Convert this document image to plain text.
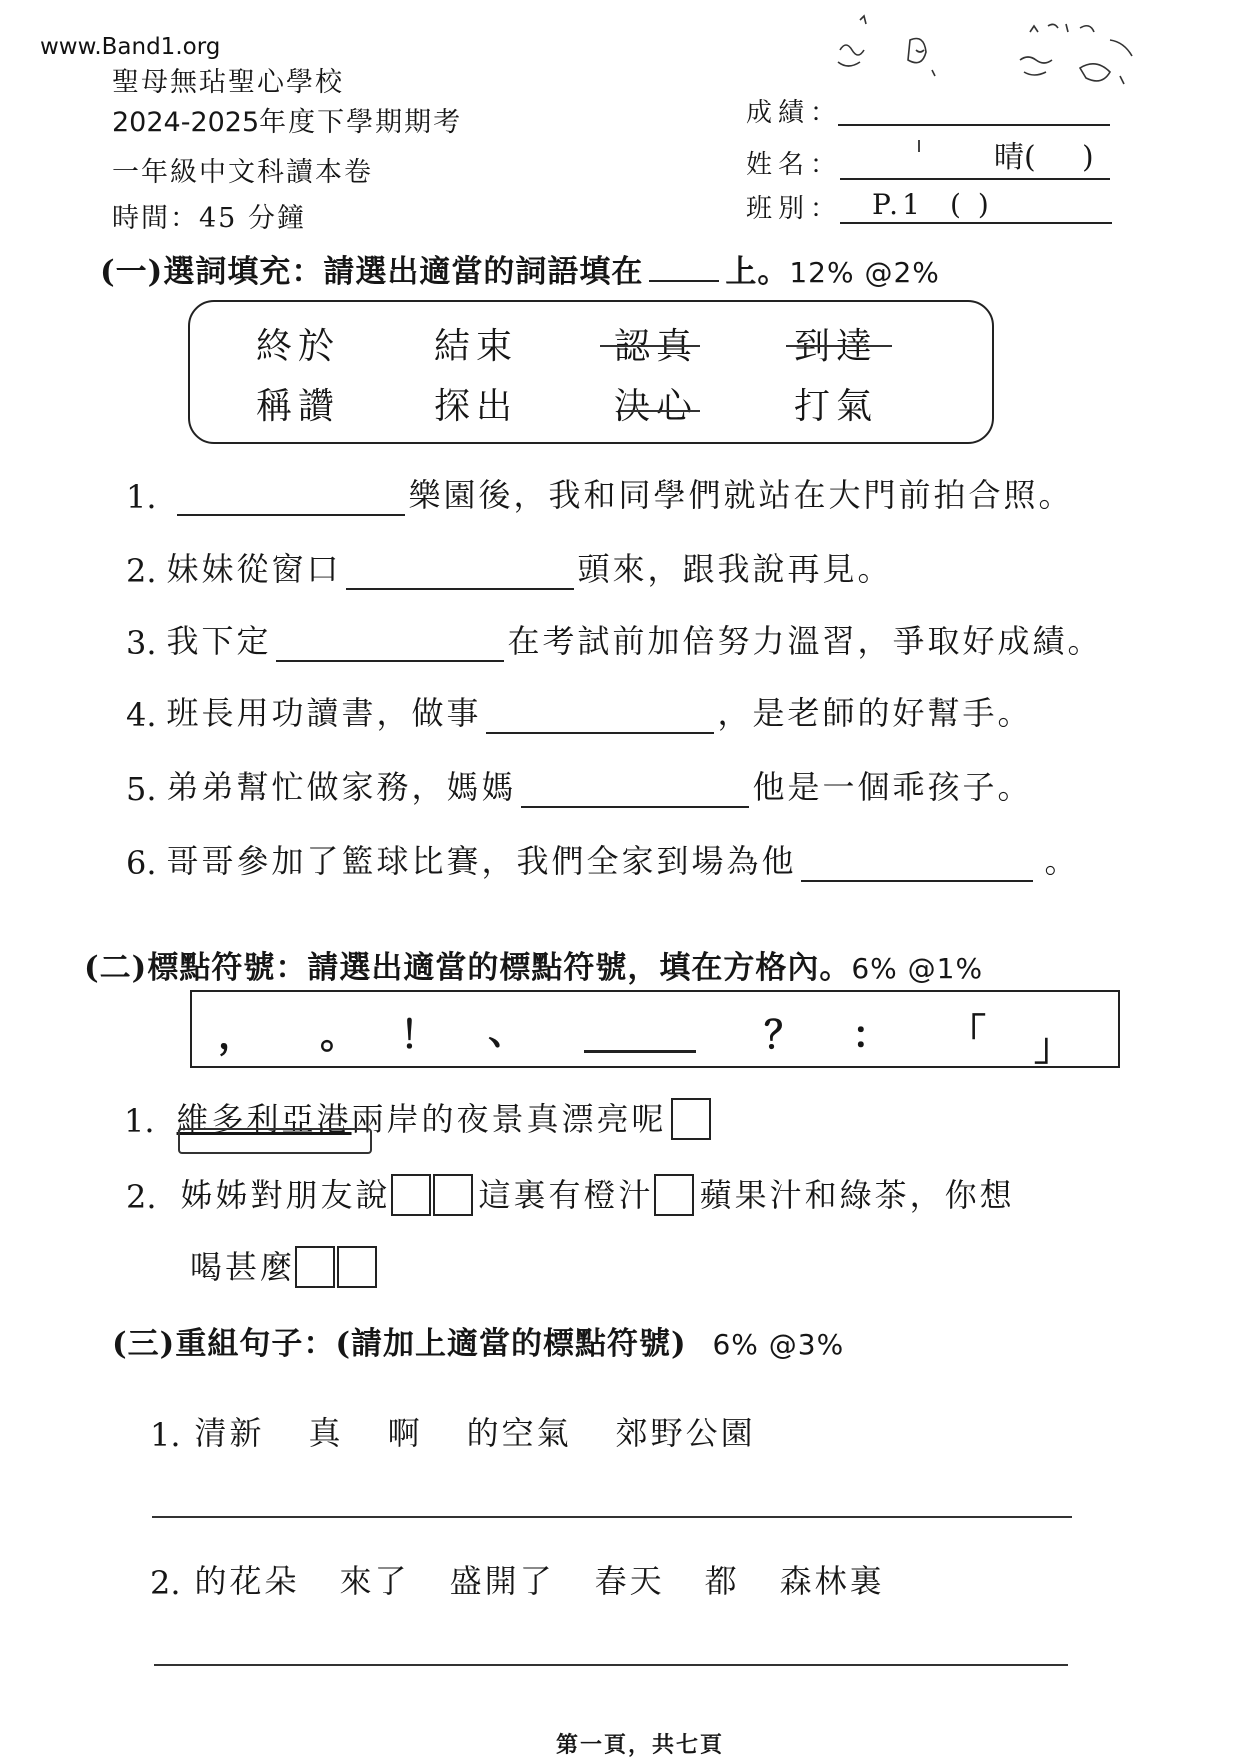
www.Band1.org
聖母無玷聖心學校
2024-2025年度下學期期考
一年級中文科讀本卷
時間：45 分鐘
成績：
姓名：	晴( )
班別： P.1 ( )
(一)選詞填充：請選出適當的詞語填在	上。12% @2%
終於	結束	認真	到達
稱讚	探出	決心	打氣
1.	樂園後，我和同學們就站在大門前拍合照。
2. 妹妹從窗口	頭來，跟我說再見。
3. 我下定	在考試前加倍努力溫習，爭取好成績。
4. 班長用功讀書，做事	，是老師的好幫手。
5. 弟弟幫忙做家務，媽媽	他是一個乖孩子。
6. 哥哥參加了籃球比賽，我們全家到場為他	。
(二)標點符號：請選出適當的標點符號，填在方格內。6% @1%
， 。 ！ 、	？ ： 「 」
1. 維多利亞港 兩岸的夜景真漂亮呢
2. 姊姊對朋友說	這裏有橙汁 蘋果汁和綠茶，你想
喝甚麼
(三)重組句子：(請加上適當的標點符號) 6% @3%
1. 清新 真 啊 的空氣 郊野公園
2. 的花朵 來了 盛開了 春天 都 森林裏
第一頁，共七頁
